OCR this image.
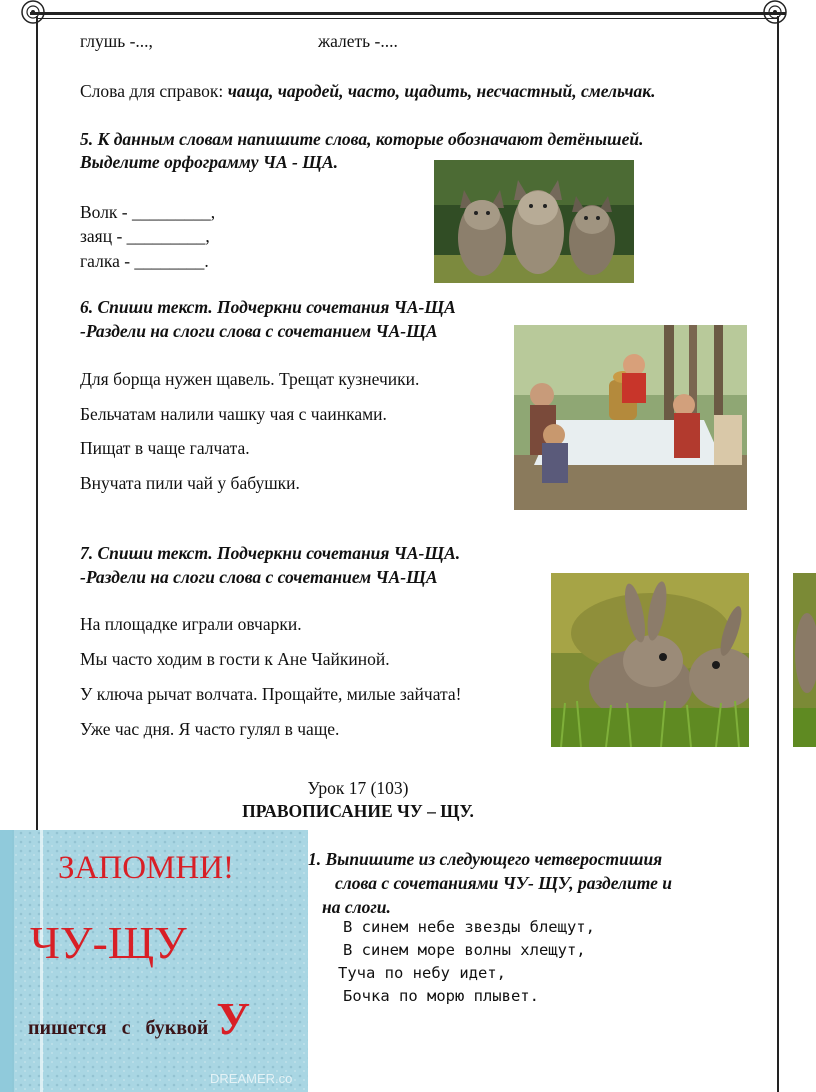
глушь -...,	жалеть -....
Слова для справок: чаща, чародей, часто, щадить, несчастный, смельчак.
5. К данным словам напишите слова, которые обозначают детёнышей.
Выделите орфограмму ЧА - ЩА.
Волк - _________,
заяц - _________,
галка - ________.
6. Спиши текст. Подчеркни сочетания ЧА-ЩА
-Раздели на слоги слова с сочетанием ЧА-ЩА
Для борща нужен щавель. Трещат кузнечики.
Бельчатам налили чашку чая с чаинками.
Пищат в чаще галчата.
Внучата пили чай у бабушки.
7. Спиши текст. Подчеркни сочетания ЧА-ЩА.
-Раздели на слоги слова с сочетанием ЧА-ЩА
На площадке играли овчарки.
Мы часто ходим в гости к Ане Чайкиной.
У ключа рычат волчата. Прощайте, милые зайчата!
Уже час дня. Я часто гулял в чаще.
Урок 17 (103)
ПРАВОПИСАНИЕ ЧУ – ЩУ.
ЗАПОМНИ!
ЧУ-ЩУ
пишется   с   буквой У
DREAMER.co
1. Выпишите из следующего четверостишия
слова с сочетаниями ЧУ- ЩУ, разделите и
на слоги.
В синем небе звезды блещут,
В синем море волны хлещут,
Туча по небу идет,
Бочка по морю плывет.
